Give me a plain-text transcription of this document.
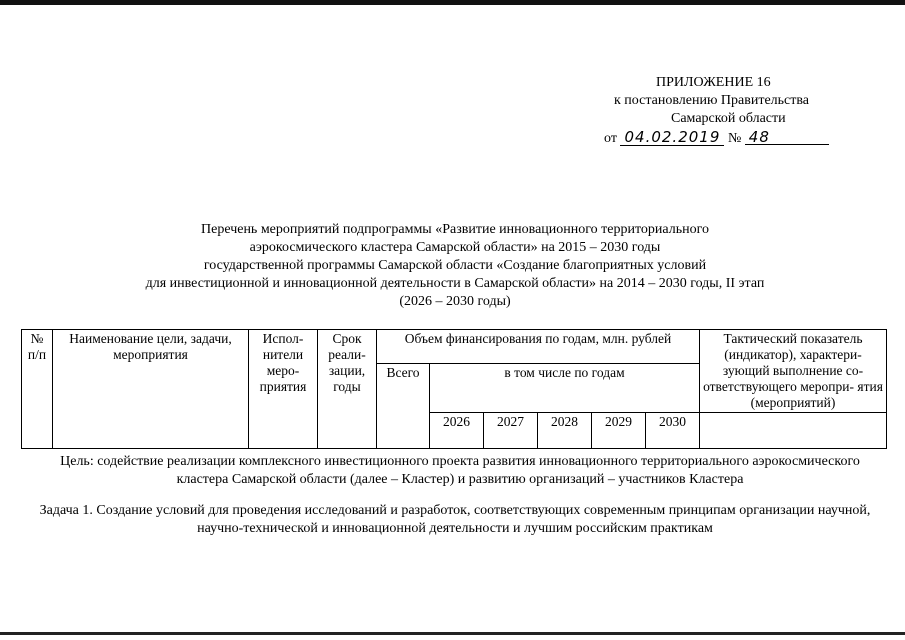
ПРИЛОЖЕНИЕ 16
к постановлению Правительства
Самарской области
от 04.02.2019 № 48
Перечень мероприятий подпрограммы «Развитие инновационного территориального
аэрокосмического кластера Самарской области» на 2015 – 2030 годы
государственной программы Самарской области «Создание благоприятных условий
для инвестиционной и инновационной деятельности в Самарской области» на 2014 – 2030 годы, II этап
(2026 – 2030 годы)
№ п/п	Наименование цели, задачи, мероприятия	Испол- нители меро- приятия	Срок реали- зации, годы	Объем финансирования по годам, млн. рублей						Тактический показатель (индикатор), характери- зующий выполнение со- ответствующего меропри- ятия (мероприятий)
				Всего	в том числе по годам					
					2026	2027	2028	2029	2030	
Цель: содействие реализации комплексного инвестиционного проекта развития инновационного территориального аэрокосмического кластера Самарской области (далее – Кластер) и развитию организаций – участников Кластера
Задача 1. Создание условий для проведения исследований и разработок, соответствующих современным принципам организации научной, научно-технической и инновационной деятельности и лучшим российским практикам
